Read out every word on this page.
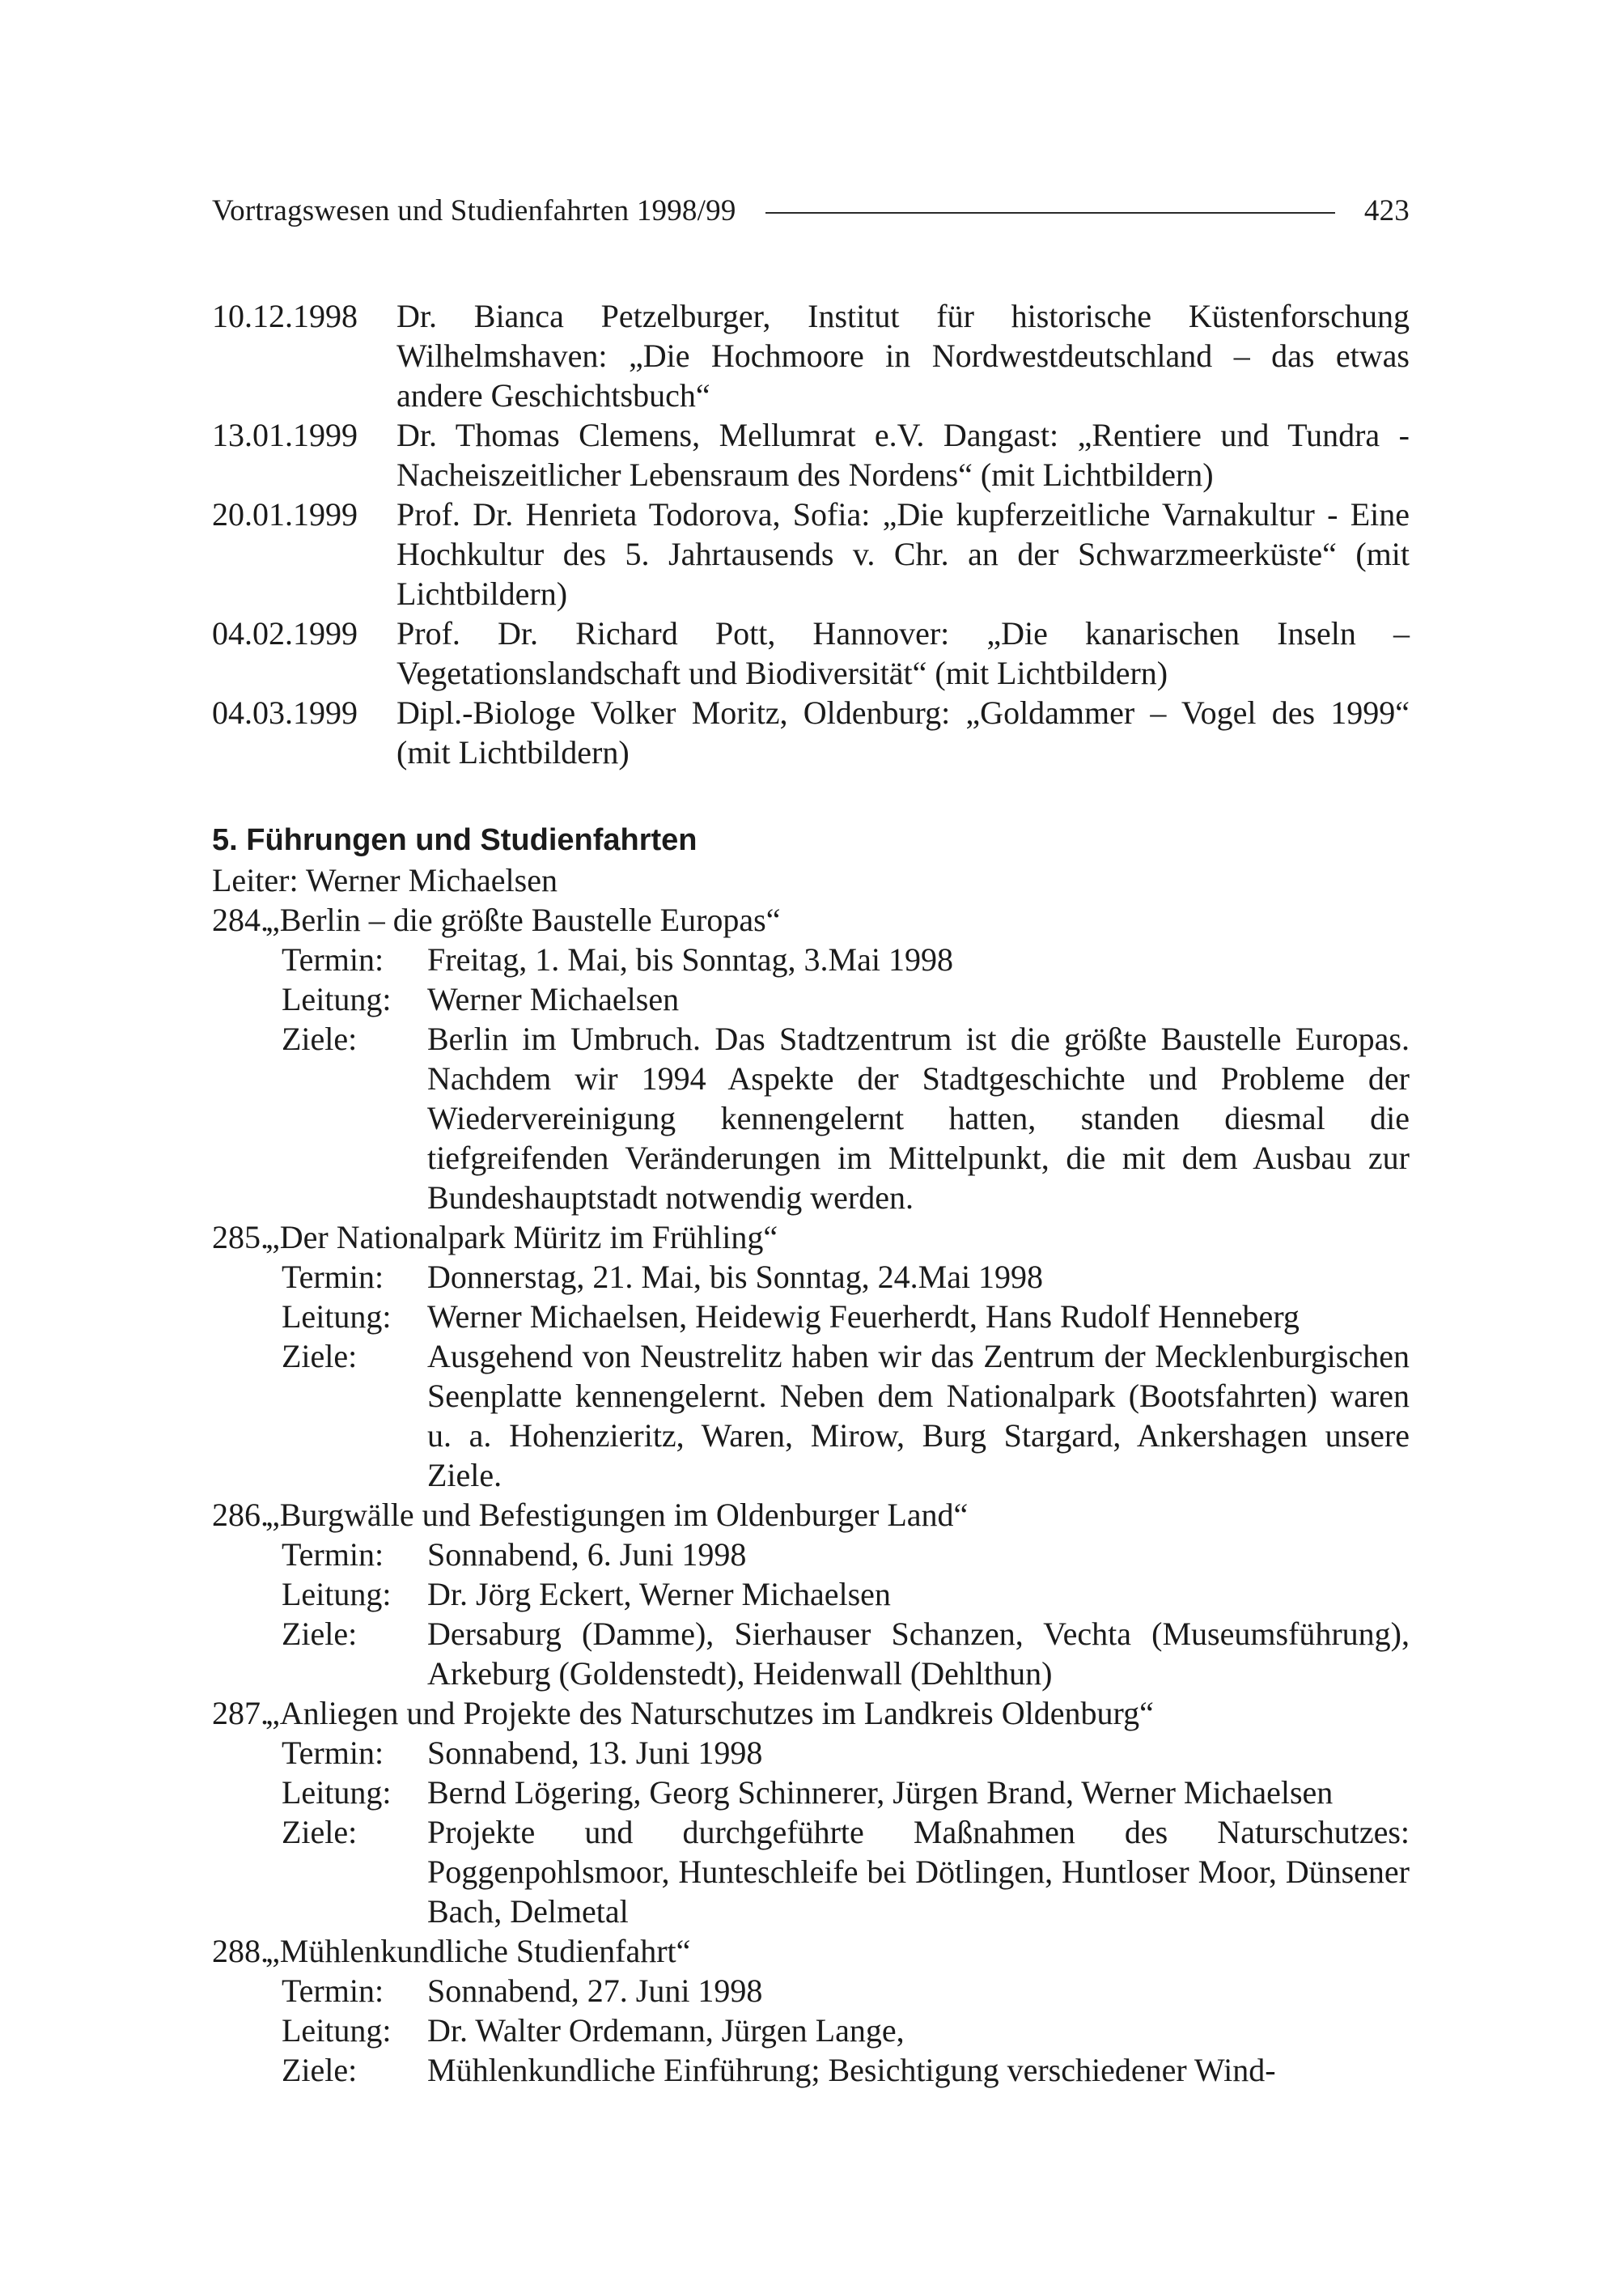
Vortragswesen und Studienfahrten 1998/99	423
10.12.1998	Dr. Bianca Petzelburger, Institut für historische Küstenforschung Wilhelmshaven: „Die Hochmoore in Nordwestdeutschland – das etwas andere Geschichtsbuch“
13.01.1999	Dr. Thomas Clemens, Mellumrat e.V. Dangast: „Rentiere und Tundra - Nacheiszeitlicher Lebensraum des Nordens“ (mit Lichtbildern)
20.01.1999	Prof. Dr. Henrieta Todorova, Sofia: „Die kupferzeitliche Varnakultur - Eine Hochkultur des 5. Jahrtausends v. Chr. an der Schwarzmeerküste“ (mit Lichtbildern)
04.02.1999	Prof. Dr. Richard Pott, Hannover: „Die kanarischen Inseln – Vegetationslandschaft und Biodiversität“ (mit Lichtbildern)
04.03.1999	Dipl.-Biologe Volker Moritz, Oldenburg: „Goldammer – Vogel des 1999“ (mit Lichtbildern)
5. Führungen und Studienfahrten
Leiter: Werner Michaelsen
284.
„Berlin – die größte Baustelle Europas“
Termin:	Freitag, 1. Mai, bis Sonntag, 3.Mai 1998
Leitung:	Werner Michaelsen
Ziele:	Berlin im Umbruch. Das Stadtzentrum ist die größte Baustelle Europas. Nachdem wir 1994 Aspekte der Stadtgeschichte und Probleme der Wiedervereinigung kennengelernt hatten, standen diesmal die tiefgreifenden Veränderungen im Mittelpunkt, die mit dem Ausbau zur Bundeshauptstadt notwendig werden.
285.
„Der Nationalpark Müritz im Frühling“
Termin:	Donnerstag, 21. Mai, bis Sonntag, 24.Mai 1998
Leitung:	Werner Michaelsen, Heidewig Feuerherdt, Hans Rudolf Henneberg
Ziele:	Ausgehend von Neustrelitz haben wir das Zentrum der Mecklenburgischen Seenplatte kennengelernt. Neben dem Nationalpark (Bootsfahrten) waren u. a. Hohenzieritz, Waren, Mirow, Burg Stargard, Ankershagen unsere Ziele.
286.
„Burgwälle und Befestigungen im Oldenburger Land“
Termin:	Sonnabend, 6. Juni 1998
Leitung:	Dr. Jörg Eckert, Werner Michaelsen
Ziele:	Dersaburg (Damme), Sierhauser Schanzen, Vechta (Museumsführung), Arkeburg (Goldenstedt), Heidenwall (Dehlthun)
287.
„Anliegen und Projekte des Naturschutzes im Landkreis Oldenburg“
Termin:	Sonnabend, 13. Juni 1998
Leitung:	Bernd Lögering, Georg Schinnerer, Jürgen Brand, Werner Michaelsen
Ziele:	Projekte und durchgeführte Maßnahmen des Naturschutzes: Poggenpohlsmoor, Hunteschleife bei Dötlingen, Huntloser Moor, Dünsener Bach, Delmetal
288.
„Mühlenkundliche Studienfahrt“
Termin:	Sonnabend, 27. Juni 1998
Leitung:	Dr. Walter Ordemann, Jürgen Lange,
Ziele:	Mühlenkundliche Einführung; Besichtigung verschiedener Wind-
